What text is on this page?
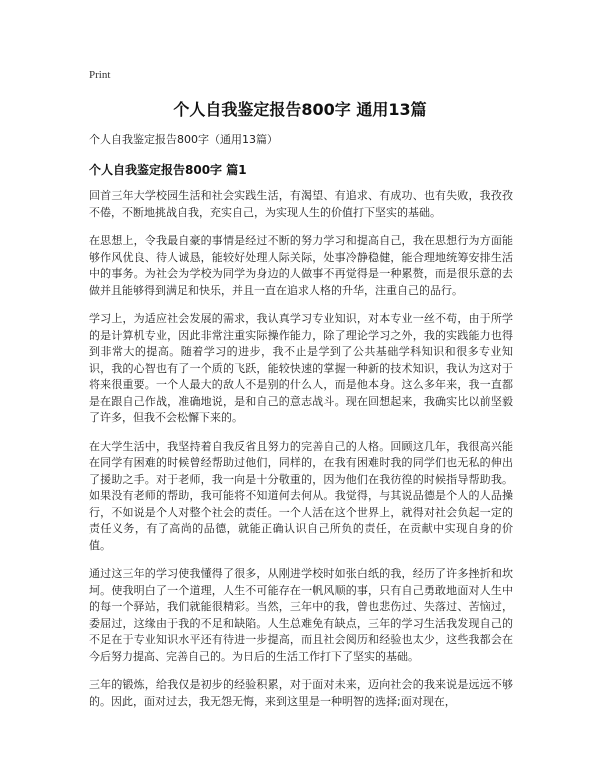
Print
个人自我鉴定报告800字 通用13篇

个人自我鉴定报告800字（通用13篇）

个人自我鉴定报告800字 篇1

回首三年大学校园生活和社会实践生活，有渴望、有追求、有成功、也有失败，我孜孜不倦，不断地挑战自我，充实自己，为实现人生的价值打下坚实的基础。

在思想上，令我最自豪的事情是经过不断的努力学习和提高自己，我在思想行为方面能够作风优良、待人诚恳，能较好处理人际关际，处事冷静稳健，能合理地统筹安排生活中的事务。为社会为学校为同学为身边的人做事不再觉得是一种累赘，而是很乐意的去做并且能够得到满足和快乐，并且一直在追求人格的升华，注重自己的品行。

学习上，为适应社会发展的需求，我认真学习专业知识，对本专业一丝不苟，由于所学的是计算机专业，因此非常注重实际操作能力，除了理论学习之外，我的实践能力也得到非常大的提高。随着学习的进步，我不止是学到了公共基础学科知识和很多专业知识，我的心智也有了一个质的飞跃，能较快速的掌握一种新的技术知识，我认为这对于将来很重要。一个人最大的敌人不是别的什么人，而是他本身。这么多年来，我一直都是在跟自己作战，准确地说，是和自己的意志战斗。现在回想起来，我确实比以前坚毅了许多，但我不会松懈下来的。

在大学生活中，我坚持着自我反省且努力的完善自己的人格。回顾这几年，我很高兴能在同学有困难的时候曾经帮助过他们，同样的，在我有困难时我的同学们也无私的伸出了援助之手。对于老师，我一向是十分敬重的，因为他们在我彷徨的时候指导帮助我。如果没有老师的帮助，我可能将不知道何去何从。我觉得，与其说品德是个人的人品操行，不如说是个人对整个社会的责任。一个人活在这个世界上，就得对社会负起一定的责任义务，有了高尚的品德，就能正确认识自己所负的责任，在贡献中实现自身的价值。

通过这三年的学习使我懂得了很多，从刚进学校时如张白纸的我，经历了许多挫折和坎坷。使我明白了一个道理，人生不可能存在一帆风顺的事，只有自己勇敢地面对人生中的每一个驿站，我们就能很精彩。当然，三年中的我，曾也悲伤过、失落过、苦恼过，委屈过，这缘由于我的不足和缺陷。人生总难免有缺点，三年的学习生活我发现自己的不足在于专业知识水平还有待进一步提高，而且社会阅历和经验也太少，这些我都会在今后努力提高、完善自己的。为日后的生活工作打下了坚实的基础。

三年的锻炼，给我仅是初步的经验积累，对于面对未来，迈向社会的我来说是远远不够的。因此，面对过去，我无怨无悔，来到这里是一种明智的选择;面对现在，
